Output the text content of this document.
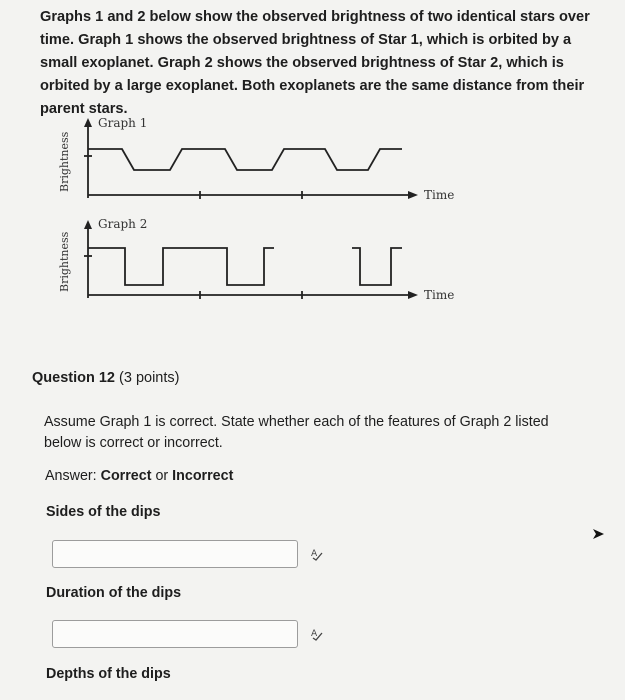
Graphs 1 and 2 below show the observed brightness of two identical stars over time. Graph 1 shows the observed brightness of Star 1, which is orbited by a small exoplanet. Graph 2 shows the observed brightness of Star 2, which is orbited by a large exoplanet. Both exoplanets are the same distance from their parent stars.
Graph 1
Brightness
Time
Graph 2
Brightness
Time
Question 12 (3 points)
Assume Graph 1 is correct. State whether each of the features of Graph 2 listed below is correct or incorrect.
Answer: Correct or Incorrect
Sides of the dips
A
Duration of the dips
A
Depths of the dips
